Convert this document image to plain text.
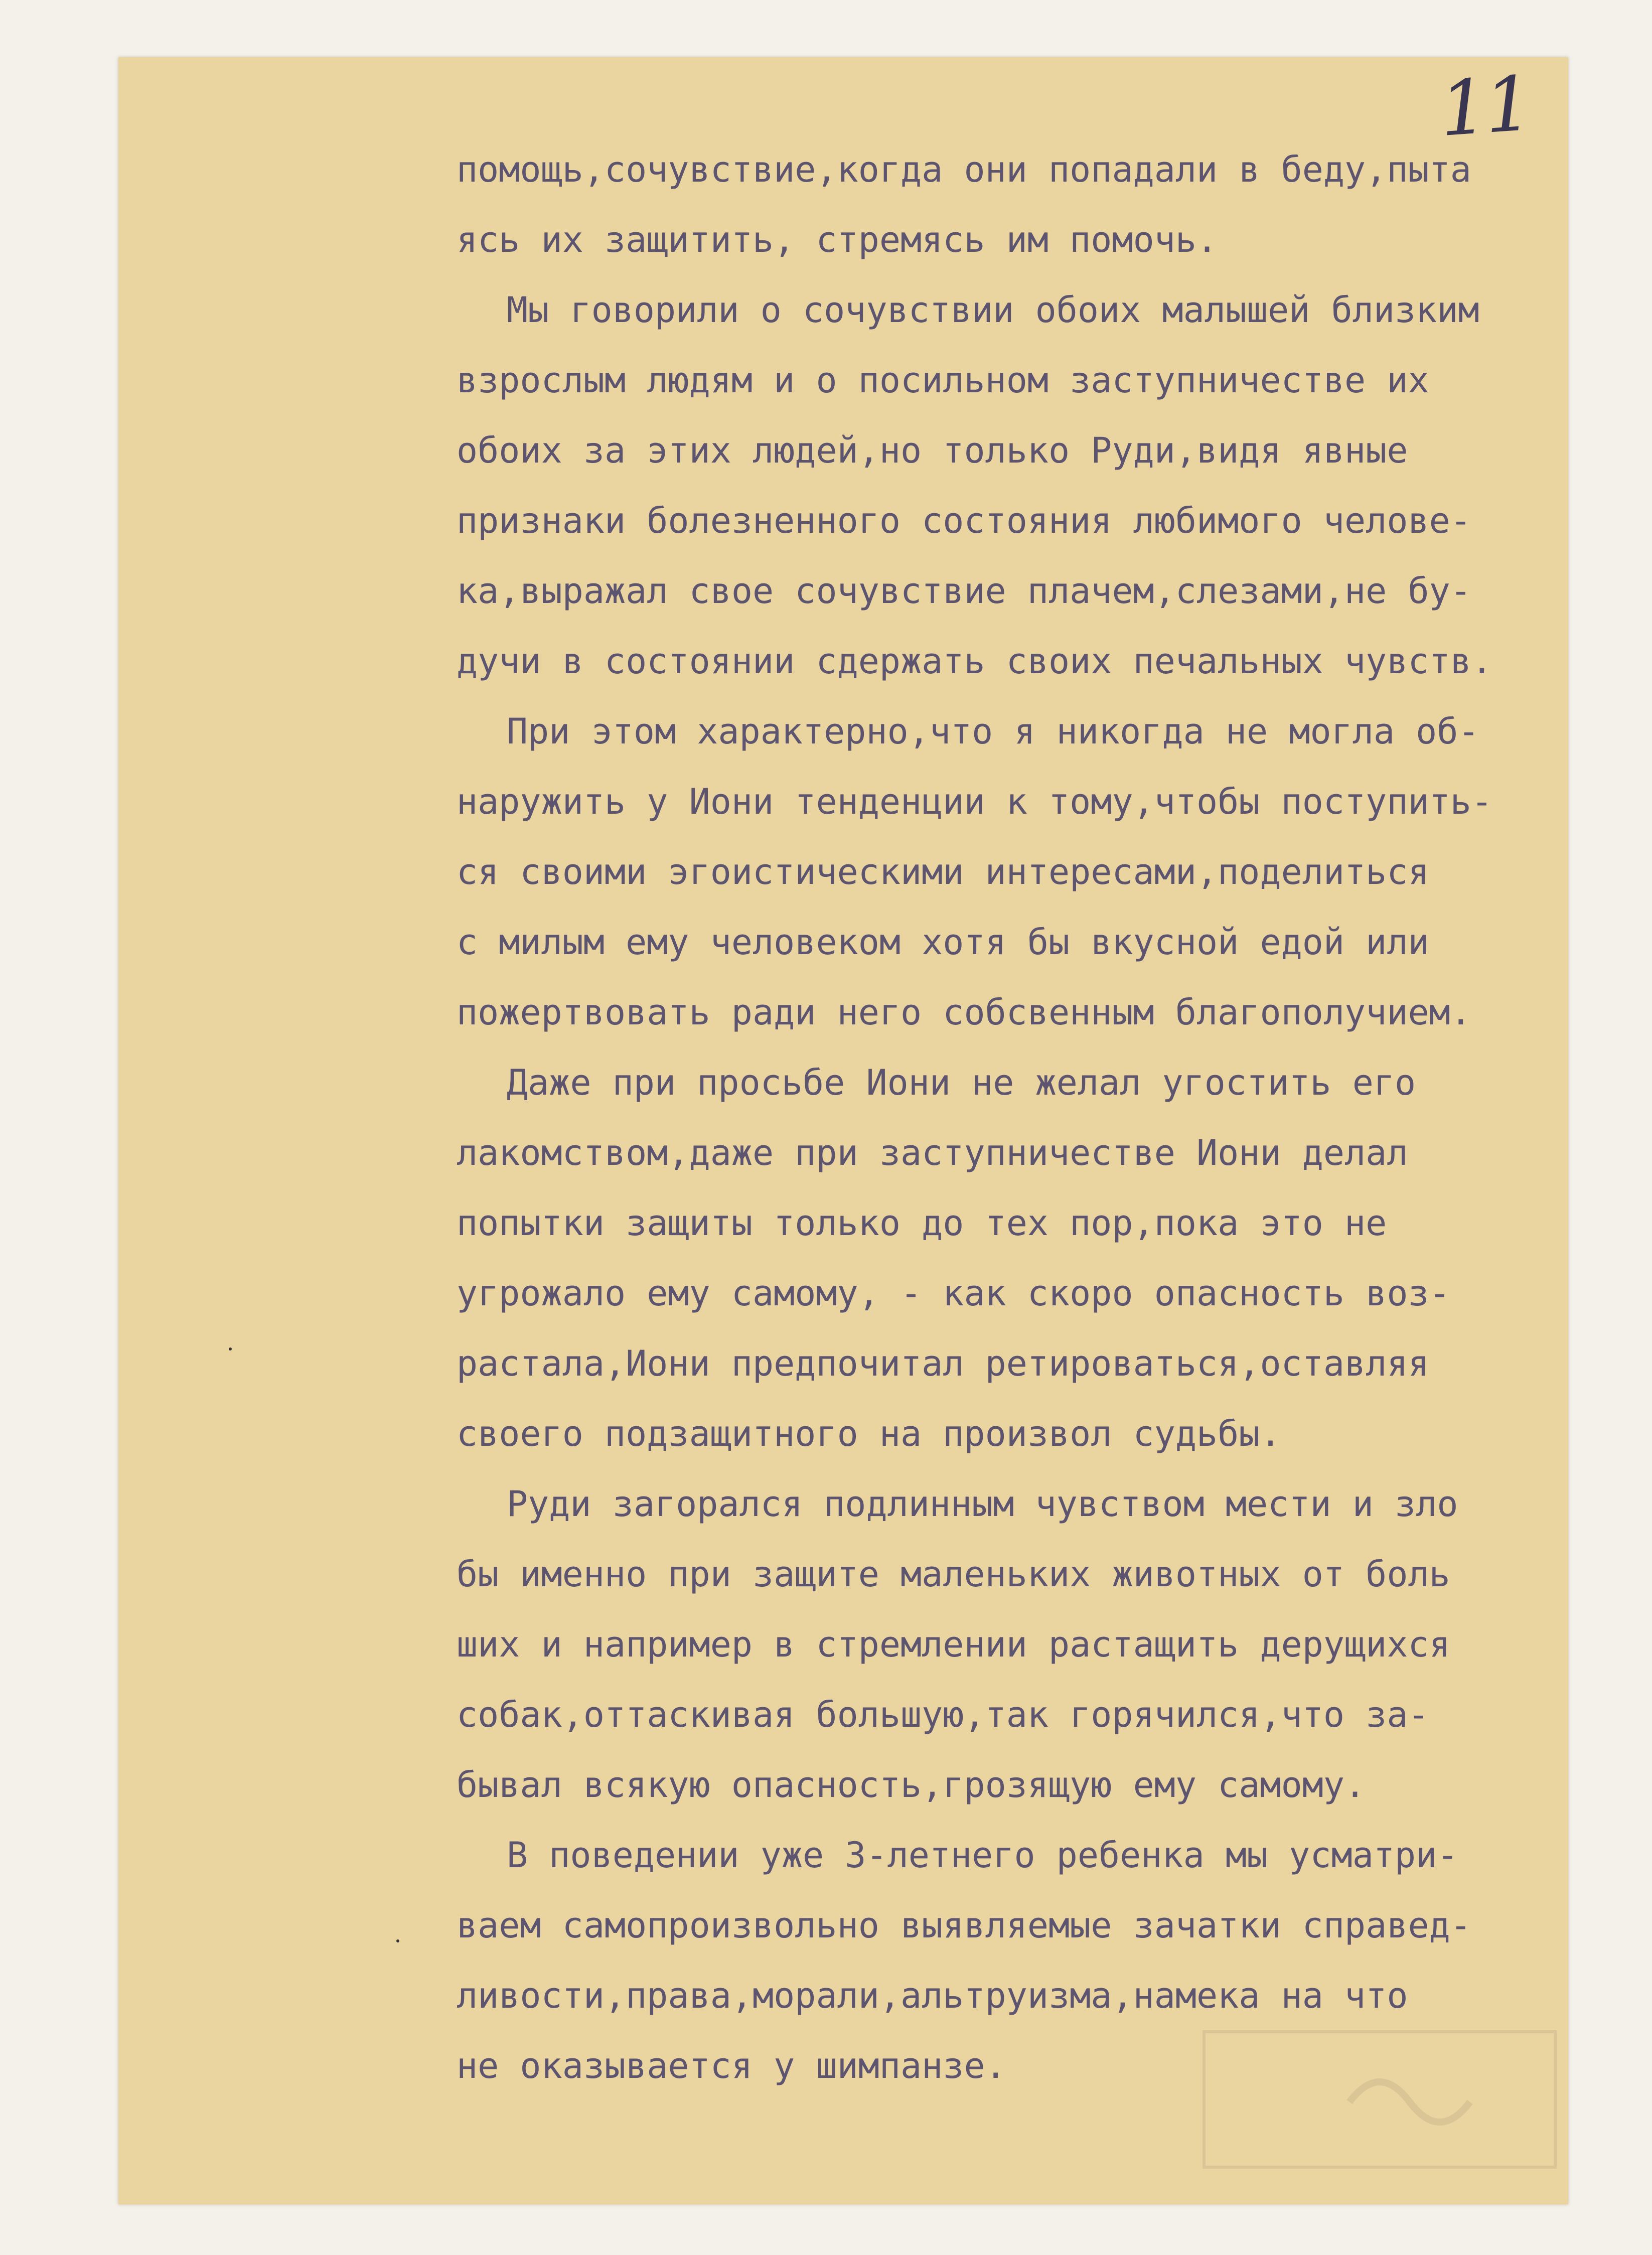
11

помощь,сочувствие,когда они попадали в беду,пыта
ясь их защитить, стремясь им помочь.

Мы говорили о сочувствии обоих малышей близким
взрослым людям и о посильном заступничестве их
обоих за этих людей,но только Руди,видя явные
признаки болезненного состояния любимого челове-
ка,выражал свое сочувствие плачем,слезами,не бу-
дучи в состоянии сдержать своих печальных чувств.

При этом характерно,что я никогда не могла об-
наружить у Иони тенденции к тому,чтобы поступить-
ся своими эгоистическими интересами,поделиться
с милым ему человеком хотя бы вкусной едой или
пожертвовать ради него собсвенным благополучием.

Даже при просьбе Иони не желал угостить его
лакомством,даже при заступничестве Иони делал
попытки защиты только до тех пор,пока это не
угрожало ему самому, - как скоро опасность воз-
растала,Иони предпочитал ретироваться,оставляя
своего подзащитного на произвол судьбы.

Руди загорался подлинным чувством мести и зло
бы именно при защите маленьких животных от боль
ших и например в стремлении растащить дерущихся
собак,оттаскивая большую,так горячился,что за-
бывал всякую опасность,грозящую ему самому.

В поведении уже 3-летнего ребенка мы усматри-
ваем самопроизвольно выявляемые зачатки справед-
ливости,права,морали,альтруизма,намека на что
не оказывается у шимпанзе.
